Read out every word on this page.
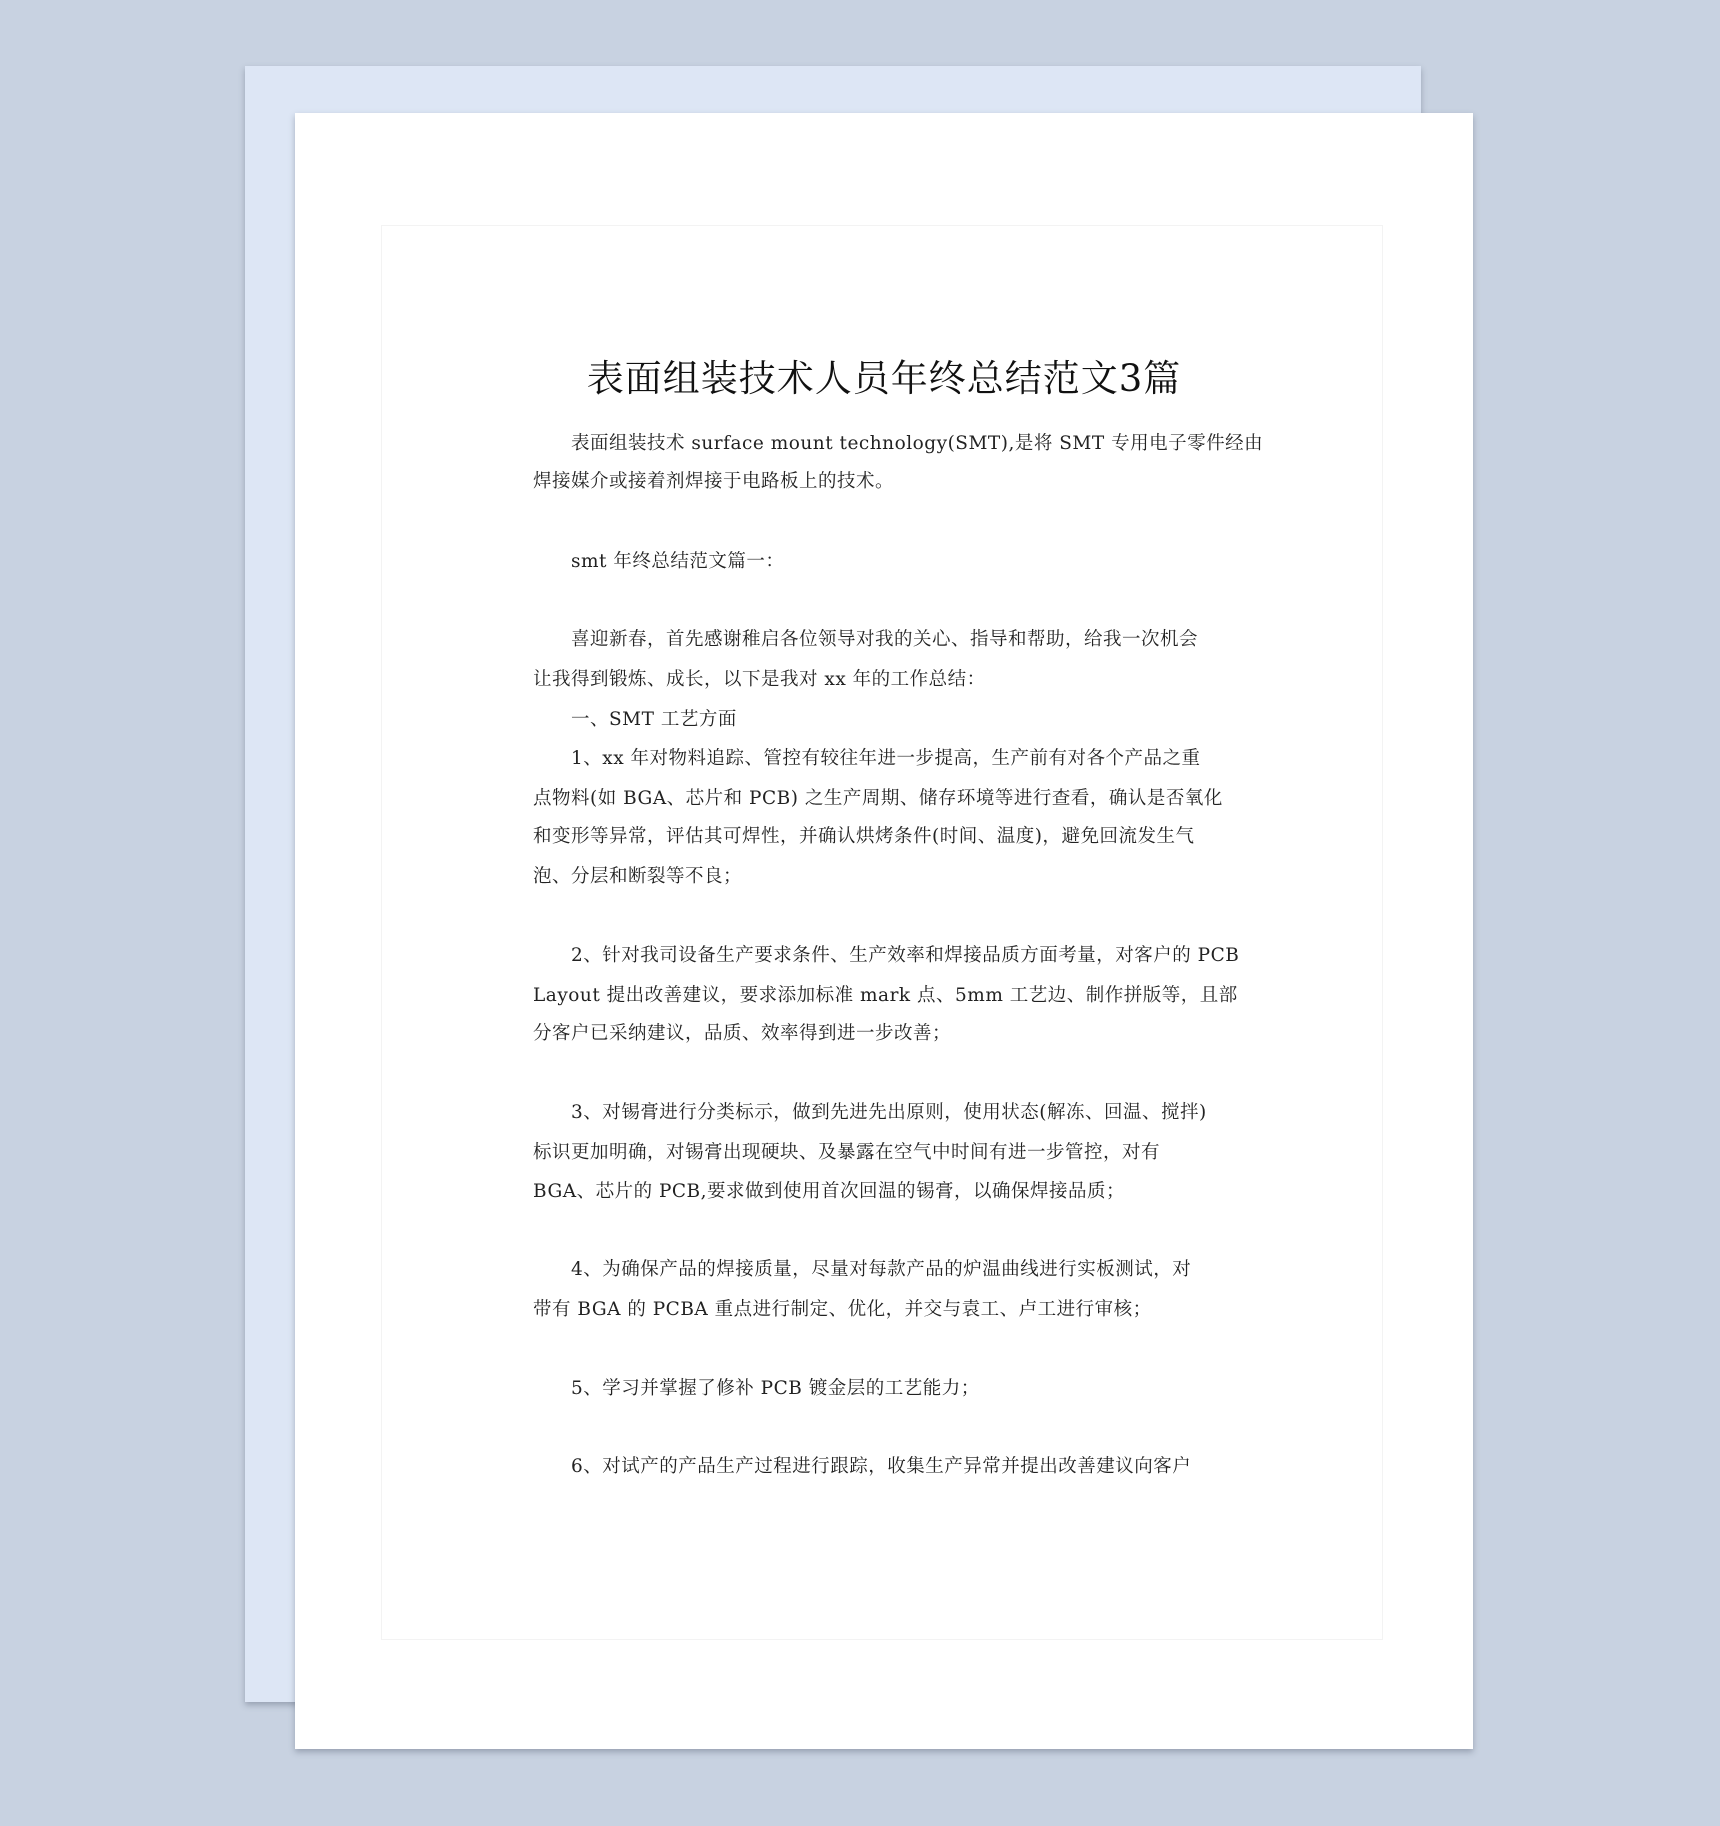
表面组装技术人员年终总结范文3篇
表面组装技术 surface mount technology(SMT),是将 SMT 专用电子零件经由
焊接媒介或接着剂焊接于电路板上的技术。
smt 年终总结范文篇一：
喜迎新春，首先感谢稚启各位领导对我的关心、指导和帮助，给我一次机会
让我得到锻炼、成长，以下是我对 xx 年的工作总结：
一、SMT 工艺方面
1、xx 年对物料追踪、管控有较往年进一步提高，生产前有对各个产品之重
点物料(如 BGA、芯片和 PCB) 之生产周期、储存环境等进行查看，确认是否氧化
和变形等异常，评估其可焊性，并确认烘烤条件(时间、温度)，避免回流发生气
泡、分层和断裂等不良；
2、针对我司设备生产要求条件、生产效率和焊接品质方面考量，对客户的 PCB
Layout 提出改善建议，要求添加标准 mark 点、5mm 工艺边、制作拼版等，且部
分客户已采纳建议，品质、效率得到进一步改善；
3、对锡膏进行分类标示，做到先进先出原则，使用状态(解冻、回温、搅拌)
标识更加明确，对锡膏出现硬块、及暴露在空气中时间有进一步管控，对有
BGA、芯片的 PCB,要求做到使用首次回温的锡膏，以确保焊接品质；
4、为确保产品的焊接质量，尽量对每款产品的炉温曲线进行实板测试，对
带有 BGA 的 PCBA 重点进行制定、优化，并交与袁工、卢工进行审核；
5、学习并掌握了修补 PCB 镀金层的工艺能力；
6、对试产的产品生产过程进行跟踪，收集生产异常并提出改善建议向客户
